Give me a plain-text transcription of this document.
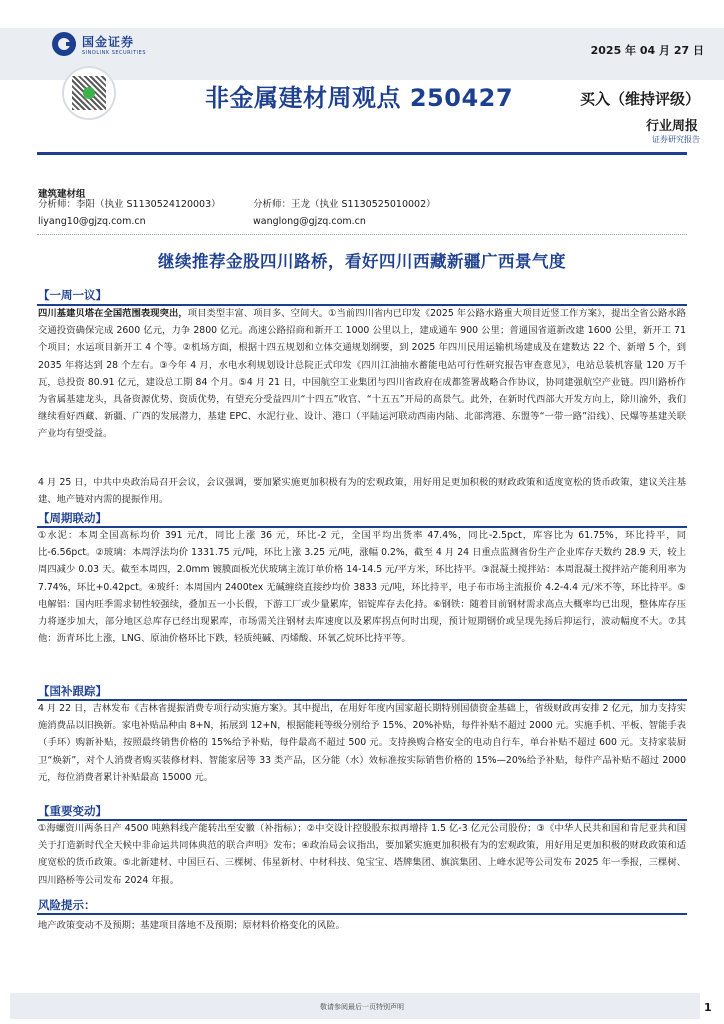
国金证券
SINOLINK SECURITIES	2025 年 04 月 27 日
非金属建材周观点 250427	买入（维持评级）
行业周报
证券研究报告
建筑建材组
分析师：李阳（执业 S1130524120003）
liyang10@gjzq.com.cn
分析师：王龙（执业 S1130525010002）
wanglong@gjzq.com.cn
继续推荐金股四川路桥，看好四川西藏新疆广西景气度
【一周一议】
四川基建贝塔在全国范围表现突出，项目类型丰富、项目多、空间大。①当前四川省内已印发《2025 年公路水路重大项目近竖工作方案》，提出全省公路水路交通投资确保完成 2600 亿元，力争 2800 亿元。高速公路招商和新开工 1000 公里以上，建成通车 900 公里；普通国省道新改建 1600 公里，新开工 71 个项目；水运项目新开工 4 个等。②机场方面，根据十四五规划和立体交通规划纲要，到 2025 年四川民用运输机场建成及在建数达 22 个、新增 5 个，到 2035 年将达到 28 个左右。③今年 4 月，水电水利规划设计总院正式印发《四川江油抽水蓄能电站可行性研究报告审查意见》，电站总装机容量 120 万千瓦，总投资 80.91 亿元，建设总工期 84 个月。⑤4 月 21 日，中国航空工业集团与四川省政府在成都签署战略合作协议，协同建强航空产业链。四川路桥作为省属基建龙头，具备资源优势、资质优势，有望充分受益四川“十四五”收官、“十五五”开局的高景气。此外，在新时代西部大开发方向上，除川渝外，我们继续看好西藏、新疆、广西的发展潜力，基建 EPC、水泥行业、设计、港口（平陆运河联动西南内陆、北部湾港、东盟等“一带一路”沿线）、民爆等基建关联产业均有望受益。
4 月 25 日，中共中央政治局召开会议，会议强调，要加紧实施更加积极有为的宏观政策，用好用足更加积极的财政政策和适度宽松的货币政策，建议关注基建、地产链对内需的提振作用。
【周期联动】
①水泥：本周全国高标均价 391 元/t，同比上涨 36 元，环比-2 元，全国平均出货率 47.4%，同比-2.5pct，库容比为 61.75%，环比持平，同比-6.56pct。②玻璃：本周浮法均价 1331.75 元/吨，环比上涨 3.25 元/吨，涨幅 0.2%，截至 4 月 24 日重点监测省份生产企业库存天数约 28.9 天，较上周四减少 0.03 天。截至本周四，2.0mm 镀膜面板光伏玻璃主流订单价格 14-14.5 元/平方米，环比持平。③混凝土搅拌站：本周混凝土搅拌站产能利用率为 7.74%，环比+0.42pct。④玻纤：本周国内 2400tex 无碱缠绕直接纱均价 3833 元/吨，环比持平，电子布市场主流报价 4.2-4.4 元/米不等，环比持平。⑤电解铝：国内旺季需求韧性较强续，叠加五一小长假，下游工厂或少量累库，铝锭库存去化持。⑥钢铁：随着目前钢材需求高点大概率均已出现，整体库存压力将逐步加大，部分地区总库存已经出现累库，市场需关注钢材去库速度以及累库拐点何时出现，预计短期钢价或呈现先扬后抑运行，波动幅度不大。⑦其他：沥青环比上涨，LNG、原油价格环比下跌，轻质纯碱、丙烯酸、环氧乙烷环比持平等。
【国补跟踪】
4 月 22 日，吉林发布《吉林省提振消费专项行动实施方案》。其中提出，在用好年度内国家超长期特别国债资金基础上，省级财政再安排 2 亿元，加力支持实施消费品以旧换新。家电补贴品种由 8+N，拓展到 12+N，根据能耗等级分别给予 15%、20%补贴，每件补贴不超过 2000 元。实施手机、平板、智能手表（手环）购新补贴，按照最终销售价格的 15%给予补贴，每件最高不超过 500 元。支持换购合格安全的电动自行车，单台补贴不超过 600 元。支持家装厨卫“焕新”，对个人消费者购买装修材料、智能家居等 33 类产品，区分能（水）效标准按实际销售价格的 15%—20%给予补贴，每件产品补贴不超过 2000 元，每位消费者累计补贴最高 15000 元。
【重要变动】
①海螺资川两条日产 4500 吨熟料线产能转出至安徽（补指标）；②中交设计控股股东拟再增持 1.5 亿-3 亿元公司股份；③《中华人民共和国和肯尼亚共和国关于打造新时代全天候中非命运共同体典范的联合声明》发布；④政治局会议指出，要加紧实施更加积极有为的宏观政策，用好用足更加积极的财政政策和适度宽松的货币政策。⑤北新建材、中国巨石、三棵树、伟星新材、中材科技、兔宝宝、塔牌集团、旗滨集团、上峰水泥等公司发布 2025 年一季报，三棵树、四川路桥等公司发布 2024 年报。
风险提示：
地产政策变动不及预期；基建项目落地不及预期；原材料价格变化的风险。
敬请参阅最后一页特别声明	1
